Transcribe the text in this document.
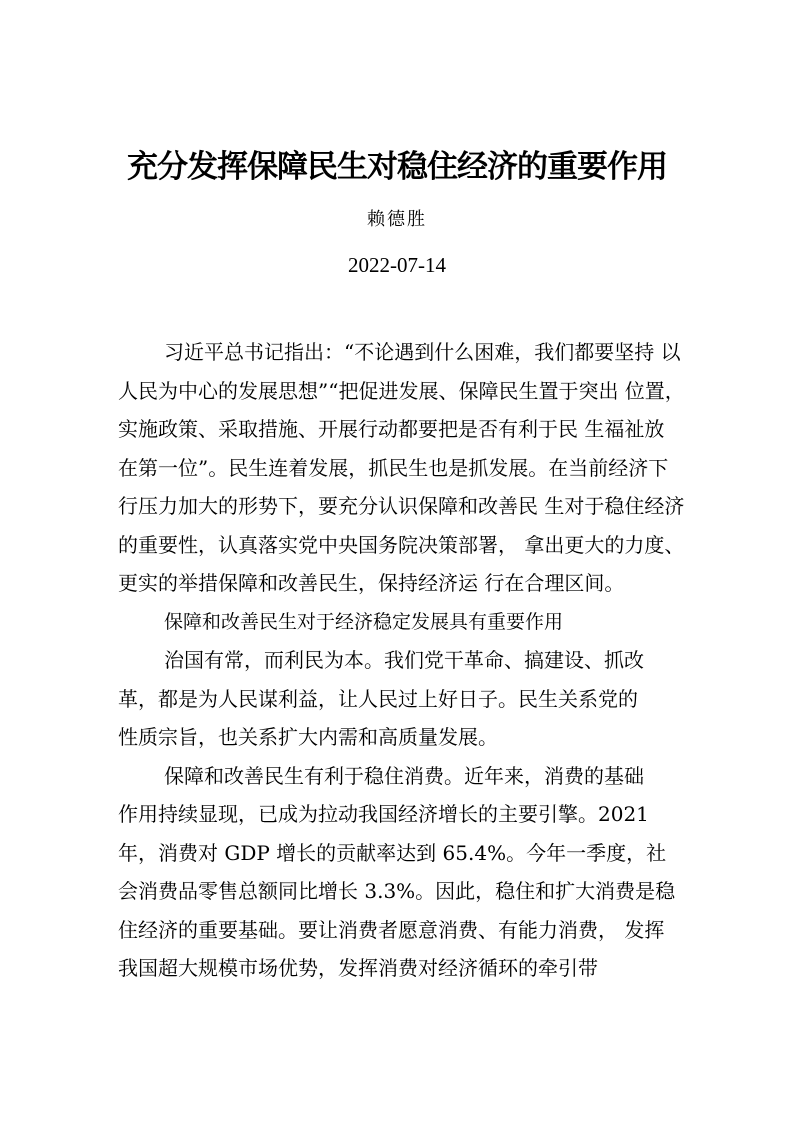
充分发挥保障民生对稳住经济的重要作用
赖德胜
2022-07-14
习近平总书记指出：“不论遇到什么困难，我们都要坚持 以
人民为中心的发展思想”“把促进发展、保障民生置于突出 位置，
实施政策、采取措施、开展行动都要把是否有利于民 生福祉放
在第一位”。民生连着发展，抓民生也是抓发展。在当前经济下
行压力加大的形势下，要充分认识保障和改善民 生对于稳住经济
的重要性，认真落实党中央国务院决策部署， 拿出更大的力度、
更实的举措保障和改善民生，保持经济运 行在合理区间。
保障和改善民生对于经济稳定发展具有重要作用
治国有常，而利民为本。我们党干革命、搞建设、抓改
革，都是为人民谋利益，让人民过上好日子。民生关系党的
性质宗旨，也关系扩大内需和高质量发展。
保障和改善民生有利于稳住消费。近年来，消费的基础
作用持续显现，已成为拉动我国经济增长的主要引擎。2021
年，消费对 GDP 增长的贡献率达到 65.4%。今年一季度，社
会消费品零售总额同比增长 3.3%。因此，稳住和扩大消费是稳
住经济的重要基础。要让消费者愿意消费、有能力消费， 发挥
我国超大规模市场优势，发挥消费对经济循环的牵引带
